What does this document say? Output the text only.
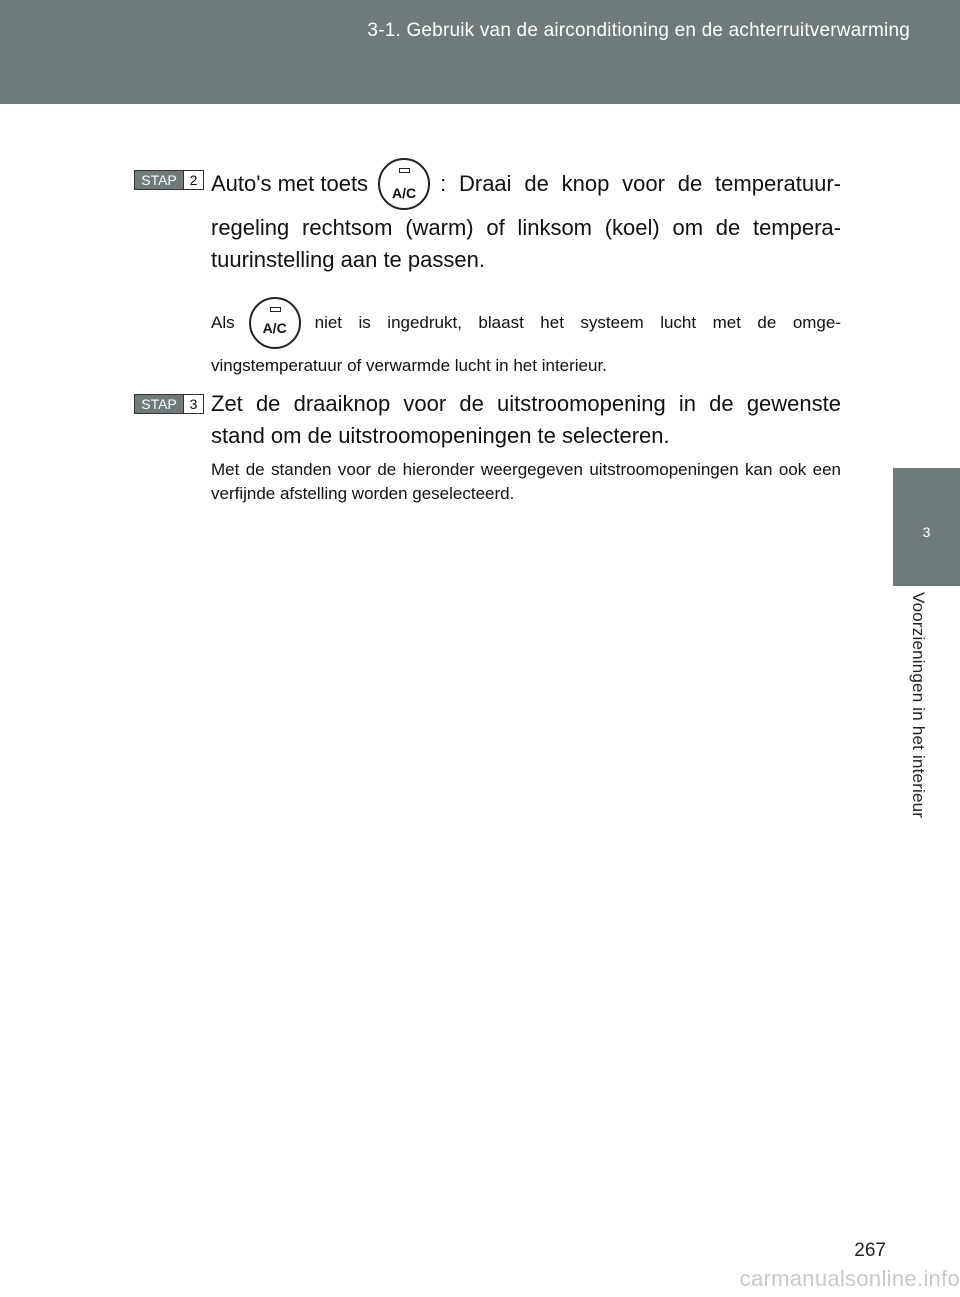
3-1. Gebruik van de airconditioning en de achterruitverwarming
3
Voorzieningen in het interieur
STAP 2 Auto's met toets	A/C	: Draai de knop voor de temperatuur-
regeling rechtsom (warm) of linksom (koel) om de tempera-tuurinstelling aan te passen.
Als	A/C	niet is ingedrukt, blaast het systeem lucht met de omge-
vingstemperatuur of verwarmde lucht in het interieur.
STAP 3 Zet de draaiknop voor de uitstroomopening in de gewenste stand om de uitstroomopeningen te selecteren.
Met de standen voor de hieronder weergegeven uitstroomopeningen kan ook een verfijnde afstelling worden geselecteerd.
267
carmanualsonline.info
